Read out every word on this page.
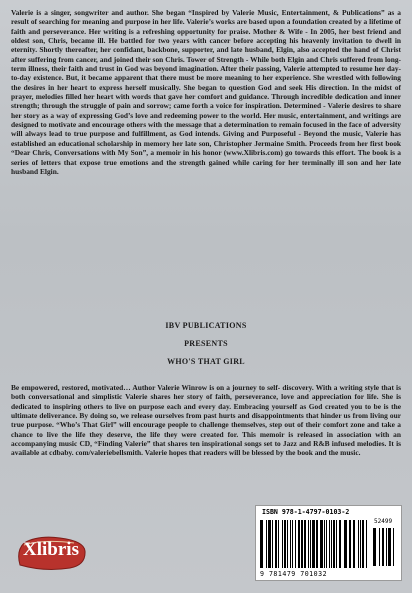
Valerie is a singer, songwriter and author. She began “Inspired by Valerie Music, Entertainment, & Publications” as a result of searching for meaning and purpose in her life. Valerie’s works are based upon a foundation created by a lifetime of faith and perseverance. Her writing is a refreshing opportunity for praise. Mother & Wife - In 2005, her best friend and oldest son, Chris, became ill. He battled for two years with cancer before accepting his heavenly invitation to dwell in eternity. Shortly thereafter, her confidant, backbone, supporter, and late husband, Elgin, also accepted the hand of Christ after suffering from cancer, and joined their son Chris. Tower of Strength - While both Elgin and Chris suffered from long-term illness, their faith and trust in God was beyond imagination. After their passing, Valerie attempted to resume her day-to-day existence. But, it became apparent that there must be more meaning to her experience. She wrestled with following the desires in her heart to express herself musically. She began to question God and seek His direction. In the midst of prayer, melodies filled her heart with words that gave her comfort and guidance. Through incredible dedication and inner strength; through the struggle of pain and sorrow; came forth a voice for inspiration. Determined - Valerie desires to share her story as a way of expressing God’s love and redeeming power to the world. Her music, entertainment, and writings are designed to motivate and encourage others with the message that a determination to remain focused in the face of adversity will always lead to true purpose and fulfillment, as God intends. Giving and Purposeful - Beyond the music, Valerie has established an educational scholarship in memory her late son, Christopher Jermaine Smith. Proceeds from her first book “Dear Chris, Conversations with My Son”, a memoir in his honor (www.Xlibris.com) go towards this effort. The book is a series of letters that expose true emotions and the strength gained while caring for her terminally ill son and her late husband Elgin.

IBV PUBLICATIONS
PRESENTS
WHO'S THAT GIRL

Be empowered, restored, motivated… Author Valerie Winrow is on a journey to self- discovery. With a writing style that is both conversational and simplistic Valerie shares her story of faith, perseverance, love and appreciation for life. She is dedicated to inspiring others to live on purpose each and every day. Embracing yourself as God created you to be is the ultimate deliverance. By doing so, we release ourselves from past hurts and disappointments that hinder us from living our true purpose. “Who’s That Girl” will encourage people to challenge themselves, step out of their comfort zone and take a chance to live the life they deserve, the life they were created for. This memoir is released in association with an accompanying music CD, “Finding Valerie” that shares ten inspirational songs set to Jazz and R&B infused melodies. It is available at cdbaby. com/valeriebellsmith. Valerie hopes that readers will be blessed by the book and the music.

Xlibris
ISBN 978-1-4797-0103-2
52499
9 781479 701032
